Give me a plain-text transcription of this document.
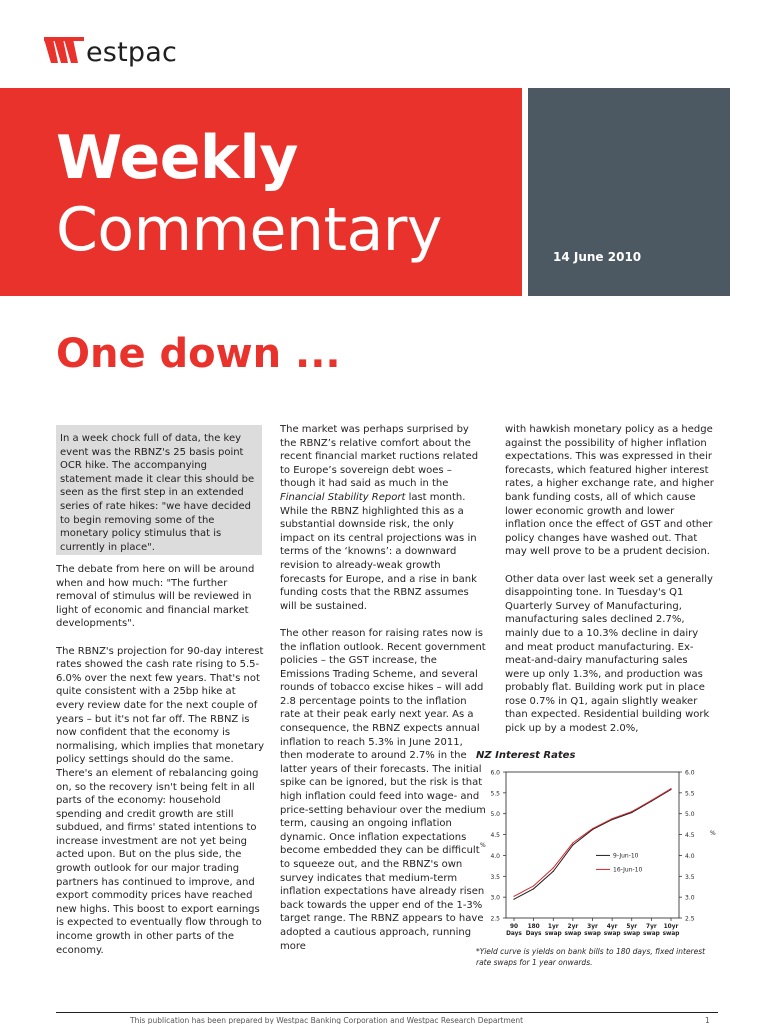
estpac
Weekly
Commentary	14 June 2010
One down ...
In a week chock full of data, the key event was the RBNZ's 25 basis point OCR hike. The accompanying statement made it clear this should be seen as the first step in an extended series of rate hikes: "we have decided to begin removing some of the monetary policy stimulus that is currently in place".

The debate from here on will be around when and how much: "The further removal of stimulus will be reviewed in light of economic and financial market developments".

The RBNZ's projection for 90-day interest rates showed the cash rate rising to 5.5-6.0% over the next few years. That's not quite consistent with a 25bp hike at every review date for the next couple of years – but it's not far off. The RBNZ is now confident that the economy is normalising, which implies that monetary policy settings should do the same. There's an element of rebalancing going on, so the recovery isn't being felt in all parts of the economy: household spending and credit growth are still subdued, and firms' stated intentions to increase investment are not yet being acted upon. But on the plus side, the growth outlook for our major trading partners has continued to improve, and export commodity prices have reached new highs. This boost to export earnings is expected to eventually flow through to income growth in other parts of the economy.

The market was perhaps surprised by the RBNZ’s relative comfort about the recent financial market ructions related to Europe’s sovereign debt woes – though it had said as much in the Financial Stability Report last month. While the RBNZ highlighted this as a substantial downside risk, the only impact on its central projections was in terms of the ‘knowns’: a downward revision to already-weak growth forecasts for Europe, and a rise in bank funding costs that the RBNZ assumes will be sustained.

The other reason for raising rates now is the inflation outlook. Recent government policies – the GST increase, the Emissions Trading Scheme, and several rounds of tobacco excise hikes – will add 2.8 percentage points to the inflation rate at their peak early next year. As a consequence, the RBNZ expects annual inflation to reach 5.3% in June 2011, then moderate to around 2.7% in the latter years of their forecasts. The initial spike can be ignored, but the risk is that high inflation could feed into wage- and price-setting behaviour over the medium term, causing an ongoing inflation dynamic. Once inflation expectations become embedded they can be difficult to squeeze out, and the RBNZ's own survey indicates that medium-term inflation expectations have already risen back towards the upper end of the 1-3% target range. The RBNZ appears to have adopted a cautious approach, running more

with hawkish monetary policy as a hedge against the possibility of higher inflation expectations. This was expressed in their forecasts, which featured higher interest rates, a higher exchange rate, and higher bank funding costs, all of which cause lower economic growth and lower inflation once the effect of GST and other policy changes have washed out. That may well prove to be a prudent decision.

Other data over last week set a generally disappointing tone. In Tuesday's Q1 Quarterly Survey of Manufacturing, manufacturing sales declined 2.7%, mainly due to a 10.3% decline in dairy and meat product manufacturing. Ex-meat-and-dairy manufacturing sales were up only 1.3%, and production was probably flat. Building work put in place rose 0.7% in Q1, again slightly weaker than expected. Residential building work pick up by a modest 2.0%,

NZ Interest Rates
2.5	2.5
3.0	3.0
3.5	3.5
4.0	4.0
4.5	4.5
5.0	5.0
5.5	5.5
6.0	6.0
%
%
90
Days
180
Days
1yr
swap
2yr
swap
3yr
swap
4yr
swap
5yr
swap
7yr
swap
10yr
swap
9-Jun-10
16-Jun-10
*Yield curve is yields on bank bills to 180 days, fixed interest rate swaps for 1 year onwards.
This publication has been prepared by Westpac Banking Corporation and Westpac Research Department	1
